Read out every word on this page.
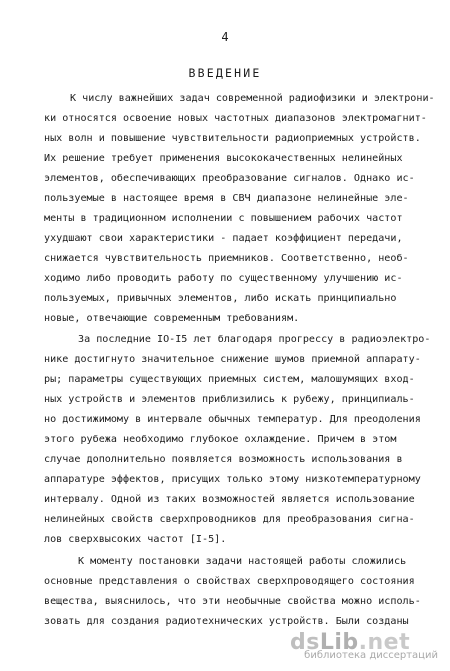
4
ВВЕДЕНИЕ
К числу важнейших задач современной радиофизики и электрони-
ки относятся освоение новых частотных диапазонов электромагнит-
ных волн и повышение чувствительности радиоприемных устройств.
Их решение требует применения высококачественных нелинейных
элементов, обеспечивающих преобразование сигналов. Однако ис-
пользуемые в настоящее время в СВЧ диапазоне нелинейные эле-
менты в традиционном исполнении с повышением рабочих частот
ухудшают свои характеристики - падает коэффициент передачи,
снижается чувствительность приемников. Соответственно, необ-
ходимо либо проводить работу по существенному улучшению ис-
пользуемых, привычных элементов, либо искать принципиально
новые, отвечающие современным требованиям.
За последние IO-I5 лет благодаря прогрессу в радиоэлектро-
нике достигнуто значительное снижение шумов приемной аппарату-
ры; параметры существующих приемных систем, малошумящих вход-
ных устройств и элементов приблизились к рубежу, принципиаль-
но достижимому в интервале обычных температур. Для преодоления
этого рубежа необходимо глубокое охлаждение. Причем в этом
случае дополнительно появляется возможность использования в
аппаратуре эффектов, присущих только этому низкотемпературному
интервалу. Одной из таких возможностей является использование
нелинейных свойств сверхпроводников для преобразования сигна-
лов сверхвысоких частот [I-5].
К моменту постановки задачи настоящей работы сложились
основные представления о свойствах сверхпроводящего состояния
вещества, выяснилось, что эти необычные свойства можно исполь-
зовать для создания радиотехнических устройств. Были созданы
dsLib.net
библиотека диссертаций
